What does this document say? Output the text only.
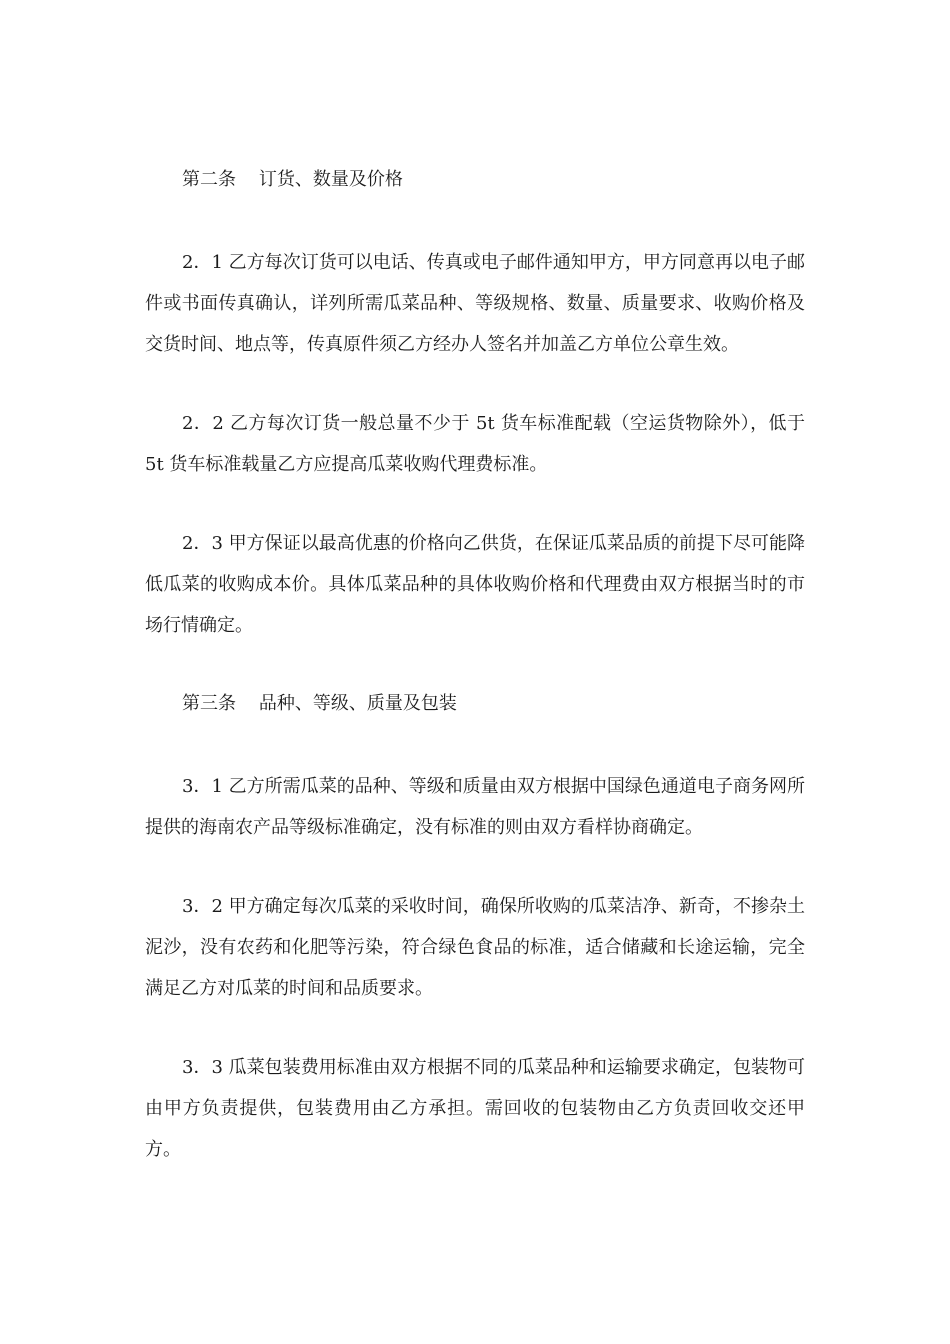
第二条    订货、数量及价格

2．1 乙方每次订货可以电话、传真或电子邮件通知甲方，甲方同意再以电子邮件或书面传真确认，详列所需瓜菜品种、等级规格、数量、质量要求、收购价格及交货时间、地点等，传真原件须乙方经办人签名并加盖乙方单位公章生效。

2．2 乙方每次订货一般总量不少于 5t 货车标准配载（空运货物除外），低于 5t 货车标准载量乙方应提高瓜菜收购代理费标准。

2．3 甲方保证以最高优惠的价格向乙供货，在保证瓜菜品质的前提下尽可能降低瓜菜的收购成本价。具体瓜菜品种的具体收购价格和代理费由双方根据当时的市场行情确定。

第三条    品种、等级、质量及包装

3．1 乙方所需瓜菜的品种、等级和质量由双方根据中国绿色通道电子商务网所提供的海南农产品等级标准确定，没有标准的则由双方看样协商确定。

3．2 甲方确定每次瓜菜的采收时间，确保所收购的瓜菜洁净、新奇，不掺杂土泥沙，没有农药和化肥等污染，符合绿色食品的标准，适合储藏和长途运输，完全满足乙方对瓜菜的时间和品质要求。

3．3 瓜菜包装费用标准由双方根据不同的瓜菜品种和运输要求确定，包装物可由甲方负责提供，包装费用由乙方承担。需回收的包装物由乙方负责回收交还甲方。
